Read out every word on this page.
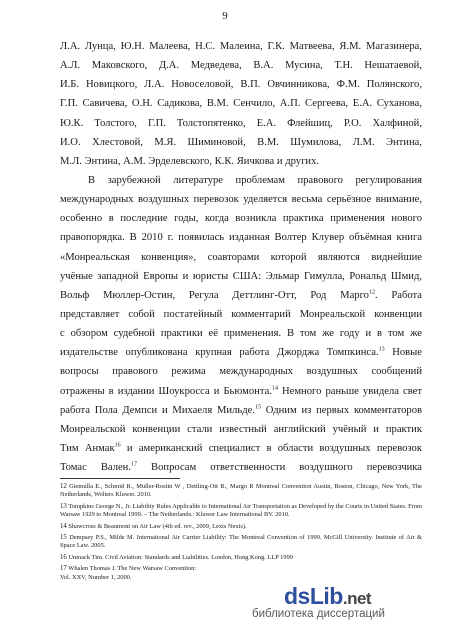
9
Л.А. Лунца, Ю.Н. Малеева, Н.С. Малеина, Г.К. Матвеева, Я.М. Магазинера,
А.Л. Маковского, Д.А. Медведева, В.А. Мусина, Т.Н. Нешатаевой,
И.Б. Новицкого, Л.А. Новоселовой, В.П. Овчинникова, Ф.М. Полянского,
Г.П. Савичева, О.Н. Садикова, В.М. Сенчило, А.П. Сергеева, Е.А. Суханова,
Ю.К. Толстого, Г.П. Толстопятенко, Е.А. Флейшиц, Р.О. Халфиной,
И.О. Хлестовой, М.Я. Шиминовой, В.М. Шумилова, Л.М. Энтина,
М.Л. Энтина, А.М. Эрделевского, К.К. Яичкова и других.
В зарубежной литературе проблемам правового регулирования
международных воздушных перевозок уделяется весьма серьёзное внимание,
особенно в последние годы, когда возникла практика применения нового
правопорядка. В 2010 г. появилась изданная Волтер Клувер объёмная книга
«Монреальская конвенция», соавторами которой являются виднейшие
учёные западной Европы и юристы США: Эльмар Гимулла, Рональд Шмид,
Вольф Мюллер-Остин, Регула Деттлинг-Отт, Род Марго$^{12}$. Работа
представляет собой постатейный комментарий Монреальской конвенции
с обзором судебной практики её применения. В том же году и в том же
издательстве опубликована крупная работа Джорджа Томпкинса.$^{13}$ Новые
вопросы правового режима международных воздушных сообщений
отражены в издании Шоукросса и Бьюмонта.$^{14}$ Немного раньше увидела свет
работа Пола Демпси и Михаеля Мильде.$^{15}$ Одним из первых комментаторов
Монреальской конвенции стали известный английский учёный и практик
Тим Анмак$^{16}$ и американский специалист в области воздушных перевозок
Томас Вален.$^{17}$ Вопросам ответственности воздушного перевозчика
12 Giemulla E., Schmid R., Muller-Rostin W , Dettling-Ott R., Margo R Montreal Convention Austin, Boston, Chicago, New York, The Netherlands, Wolters Kluwer. 2010.
13 Tompkins George N., Jr. Liability Rules Applicable to International Air Transportation as Developed by the Courts in United States. From Warsaw 1929 to Montreal 1999. – The Netherlands.: Kluwer Law International BV. 2010.
14 Shawcross & Beaumont on Air Law (4th ed. rev., 2009, Lexis Nexis).
15 Dempsey P.S., Milde M. International Air Carrier Liability: The Montreal Convention of 1999. McGill University. Institute of Air & Space Law. 2005.
16 Unmack Tim. Civil Aviation: Standards and Liabilities. London, Hong Kong. LLP 1999
17 Whalen Thomas J. The New Warsaw Convention:
Vol. XXV, Number 1, 2000.
dsLib.net
библиотека диссертаций
